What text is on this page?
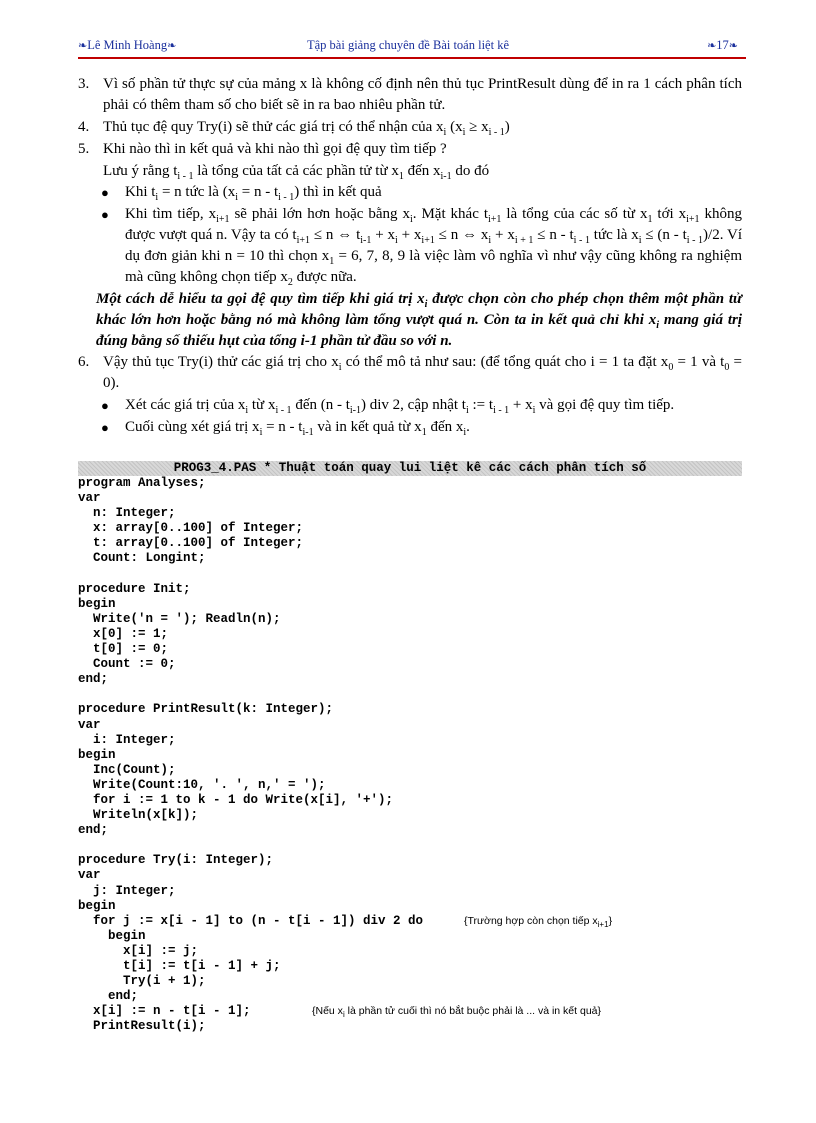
❧Lê Minh Hoàng❧	Tập bài giảng chuyên đề Bài toán liệt kê	❧17❧

3. Vì số phần tử thực sự của mảng x là không cố định nên thủ tục PrintResult dùng để in ra 1 cách phân tích phải có thêm tham số cho biết sẽ in ra bao nhiêu phần tử.

4. Thủ tục đệ quy Try(i) sẽ thử các giá trị có thể nhận của $x_i$ $(x_i \ge x_{i - 1})$

5. Khi nào thì in kết quả và khi nào thì gọi đệ quy tìm tiếp ?

Lưu ý rằng $t_{i - 1}$ là tổng của tất cả các phần tử từ $x_1$ đến $x_{i-1}$ do đó

● Khi $t_i = n$ tức là $(x_i = n - t_{i - 1})$ thì in kết quả

● Khi tìm tiếp, $x_{i+1}$ sẽ phải lớn hơn hoặc bằng $x_i$. Mặt khác $t_{i+1}$ là tổng của các số từ $x_1$ tới $x_{i+1}$ không được vượt quá n. Vậy ta có $t_{i+1} \le n$ ⇔ $t_{i-1} + x_i + x_{i+1} \le n$ ⇔ $x_i + x_{i + 1} \le n - t_{i - 1}$ tức là $x_i \le (n - t_{i - 1})/2$. Ví dụ đơn giản khi n = 10 thì chọn $x_1 = 6$, 7, 8, 9 là việc làm vô nghĩa vì như vậy cũng không ra nghiệm mà cũng không chọn tiếp $x_2$ được nữa.

Một cách dễ hiểu ta gọi đệ quy tìm tiếp khi giá trị $x_i$ được chọn còn cho phép chọn thêm một phần tử khác lớn hơn hoặc bằng nó mà không làm tổng vượt quá n. Còn ta in kết quả chỉ khi $x_i$ mang giá trị đúng bằng số thiếu hụt của tổng i-1 phần tử đầu so với n.

6. Vậy thủ tục Try(i) thử các giá trị cho $x_i$ có thể mô tả như sau: (để tổng quát cho i = 1 ta đặt $x_0 = 1$ và $t_0 = 0$).

● Xét các giá trị của $x_i$ từ $x_{i - 1}$ đến $(n - t_{i-1})$ div 2, cập nhật $t_i$ := $t_{i - 1} + x_i$ và gọi đệ quy tìm tiếp.

● Cuối cùng xét giá trị $x_i = n - t_{i-1}$ và in kết quả từ $x_1$ đến $x_i$.

PROG3_4.PAS * Thuật toán quay lui liệt kê các cách phân tích số
program Analyses;
var
n: Integer;
x: array[0..100] of Integer;
t: array[0..100] of Integer;
Count: Longint;
procedure Init;
begin
Write('n = '); Readln(n);
x[0] := 1;
t[0] := 0;
Count := 0;
end;
procedure PrintResult(k: Integer);
var
i: Integer;
begin
Inc(Count);
Write(Count:10, '. ', n,' = ');
for i := 1 to k - 1 do Write(x[i], '+');
Writeln(x[k]);
end;
procedure Try(i: Integer);
var
j: Integer;
begin
for j := x[i - 1] to (n - t[i - 1]) div 2 do	{Trường hợp còn chọn tiếp $x_{i+1}$}
begin
x[i] := j;
t[i] := t[i - 1] + j;
Try(i + 1);
end;
x[i] := n - t[i - 1];	{Nếu $x_i$ là phần tử cuối thì nó bắt buộc phải là ... và in kết quả}
PrintResult(i);
